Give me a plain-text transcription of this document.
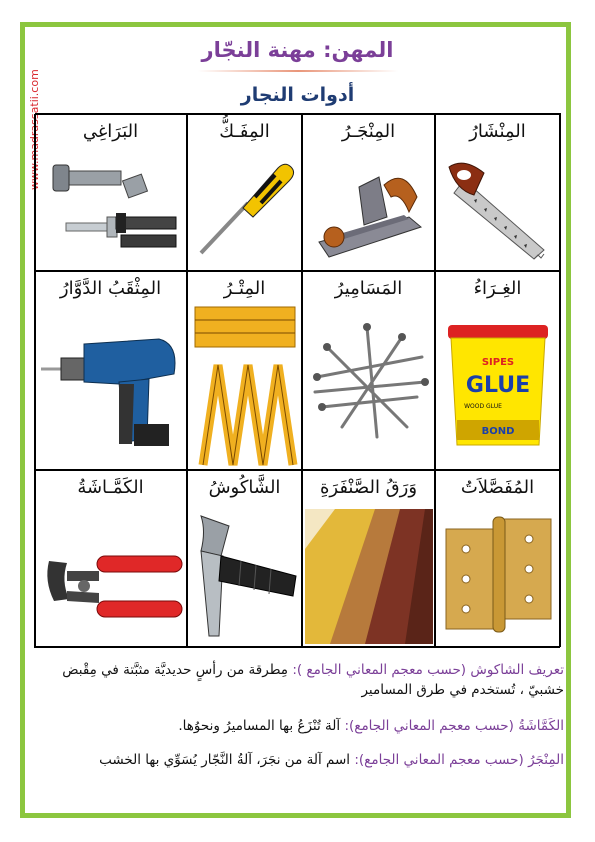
www.madrassatii.com
المهن: مهنة النجّار
أدوات النجار
المِنْشَارُ
المِنْجَـرُ
المِفَـكُّ
البَرَاغِي
الغِـرَاءُ
SIPES
GLUE
WOOD GLUE
BOND
المَسَامِيرُ
المِتْـرُ
المِثْقَبُ الدَّوَّارُ
المُفَصَّلاَتُ
وَرَقُ الصَّنْفَرَةِ
الشَّاكُوشُ
الكَمَّـاشَةُ
تعريف الشاكوش (حسب معجم المعاني الجامع ): مِطرقة من رأسٍ حديديَّة مثبَّتة في مِقْبض خشبيّ ، تُستخدم في طرق المسامير
الكَمَّاشَةُ (حسب معجم المعاني الجامع): آلة تُنْزَعُ بها المساميرُ ونحوُها.
المِنْجَرُ (حسب معجم المعاني الجامع): اسم آلة من نجَرَ، آلةُ النَّجّار يُسَوِّي بها الخشب
